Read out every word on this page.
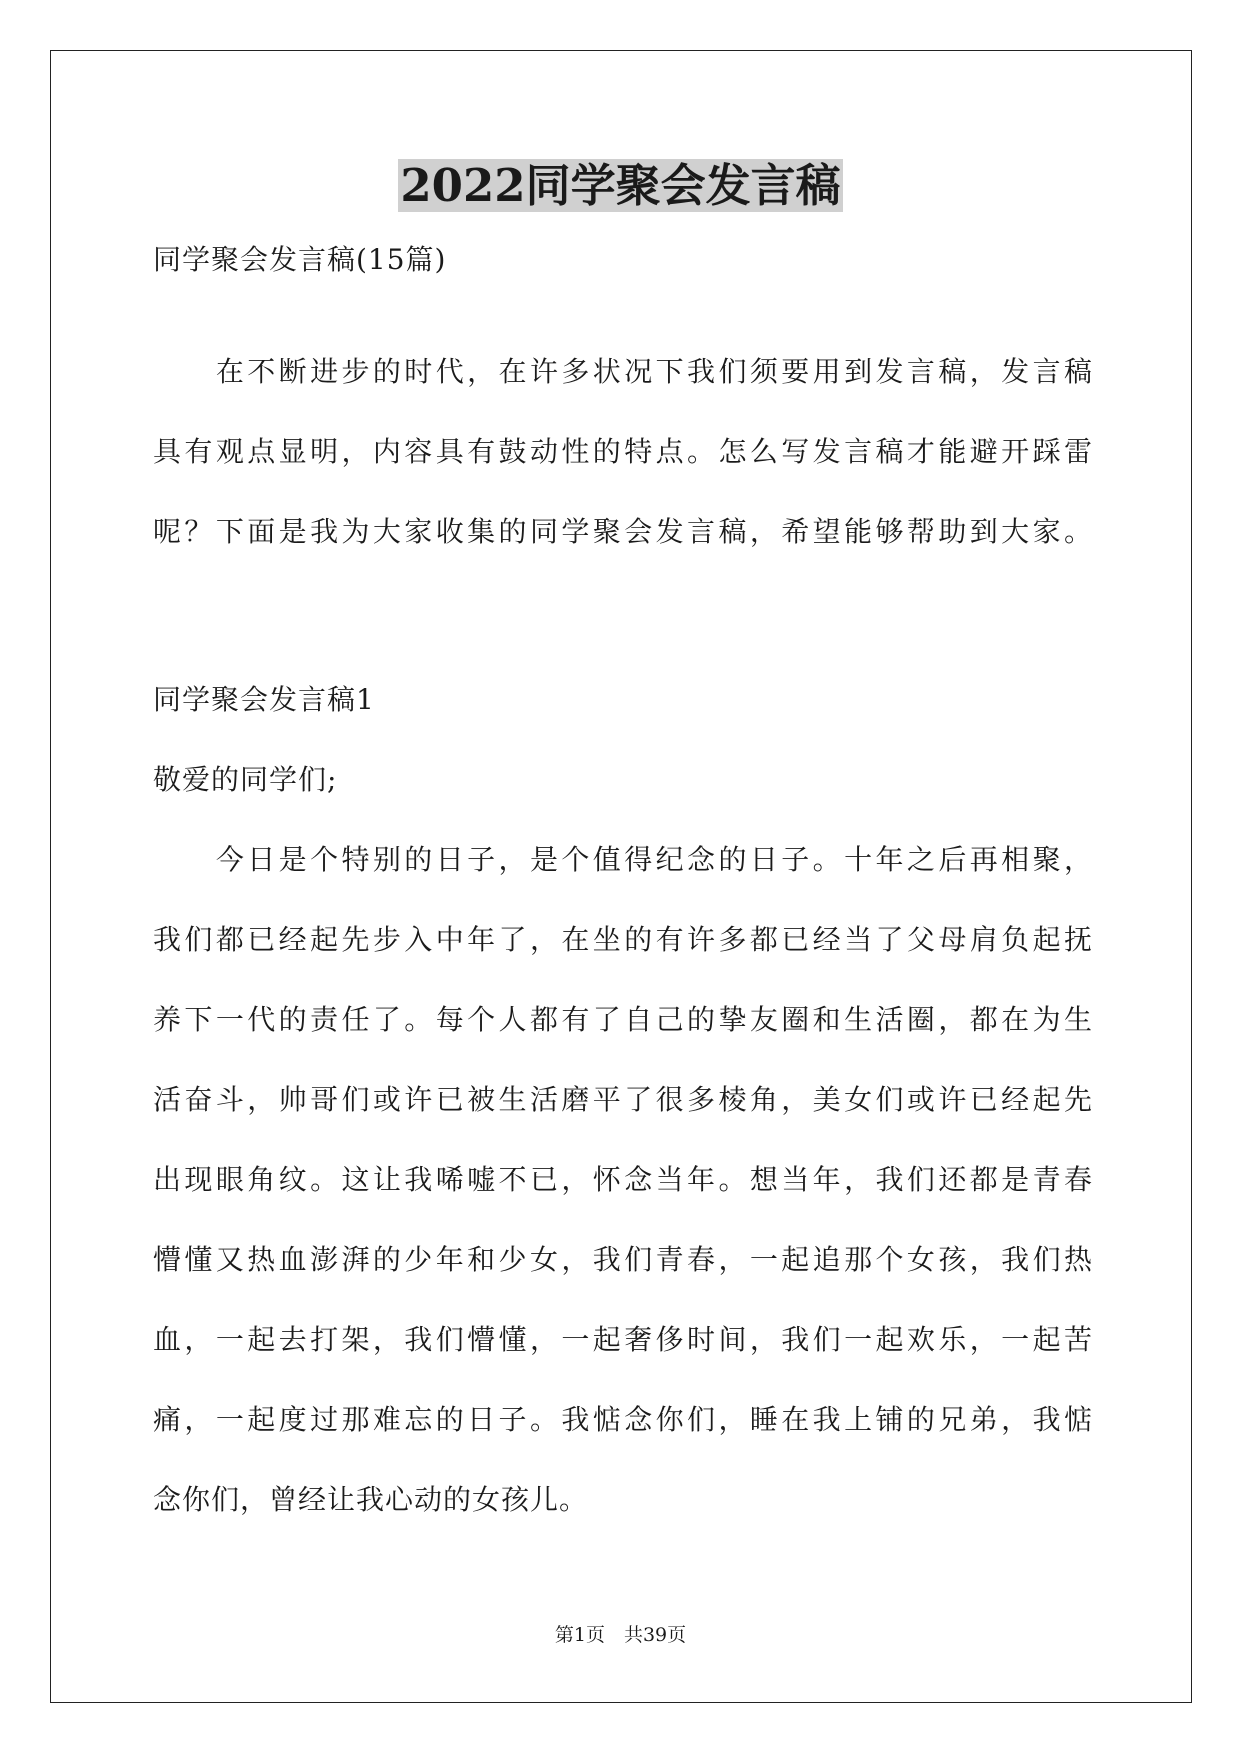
2022同学聚会发言稿
同学聚会发言稿(15篇)
　　在不断进步的时代，在许多状况下我们须要用到发言稿，发言稿
具有观点显明，内容具有鼓动性的特点。怎么写发言稿才能避开踩雷
呢？下面是我为大家收集的同学聚会发言稿，希望能够帮助到大家。
同学聚会发言稿1
敬爱的同学们;
　　今日是个特别的日子，是个值得纪念的日子。十年之后再相聚，
我们都已经起先步入中年了，在坐的有许多都已经当了父母肩负起抚
养下一代的责任了。每个人都有了自己的挚友圈和生活圈，都在为生
活奋斗，帅哥们或许已被生活磨平了很多棱角，美女们或许已经起先
出现眼角纹。这让我唏嘘不已，怀念当年。想当年，我们还都是青春
懵懂又热血澎湃的少年和少女，我们青春，一起追那个女孩，我们热
血，一起去打架，我们懵懂，一起奢侈时间，我们一起欢乐，一起苦
痛，一起度过那难忘的日子。我惦念你们，睡在我上铺的兄弟，我惦
念你们，曾经让我心动的女孩儿。
第1页　共39页
